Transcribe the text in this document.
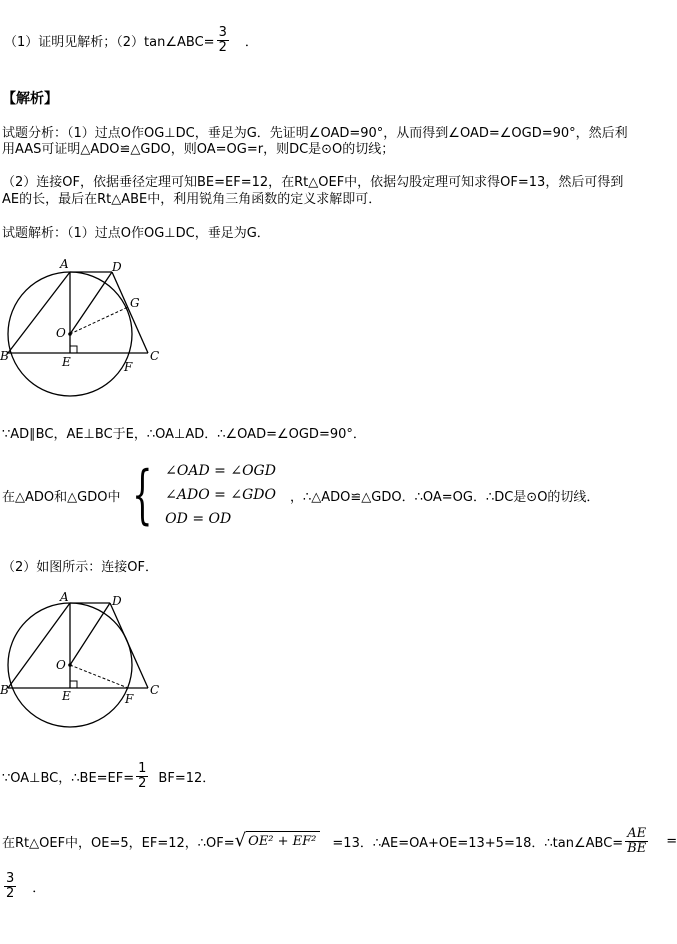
（1）证明见解析；（2）tan∠ABC= $\frac{3}{2}$ ．
【解析】
试题分析：（1）过点O作OG⊥DC，垂足为G．先证明∠OAD=90°，从而得到∠OAD=∠OGD=90°，然后利
用AAS可证明△ADO≌△GDO，则OA=OG=r，则DC是⊙O的切线；
（2）连接OF，依据垂径定理可知BE=EF=12，在Rt△OEF中，依据勾股定理可知求得OF=13，然后可得到
AE的长，最后在Rt△ABE中，利用锐角三角函数的定义求解即可．
试题解析：（1）过点O作OG⊥DC，垂足为G．
A	D
G
O
B	E	F
C
∵AD∥BC，AE⊥BC于E，∴OA⊥AD．∴∠OAD=∠OGD=90°．
在△ADO和△GDO中 { ∠OAD = ∠OGD
∠ADO = ∠GDO
OD = OD
，∴△ADO≌△GDO．∴OA=OG．∴DC是⊙O的切线．
（2）如图所示：连接OF．
A	D
O
B	E	F
C
∵OA⊥BC，∴BE=EF= $\frac{1}{2} BF=12$．
在Rt△OEF中，OE=5，EF=12，∴OF= √ OE² + EF²	=13．∴AE=OA+OE=13+5=18．∴tan∠ABC= $\frac{AE}{BE}$ =
$\frac{3}{2}$ ．
